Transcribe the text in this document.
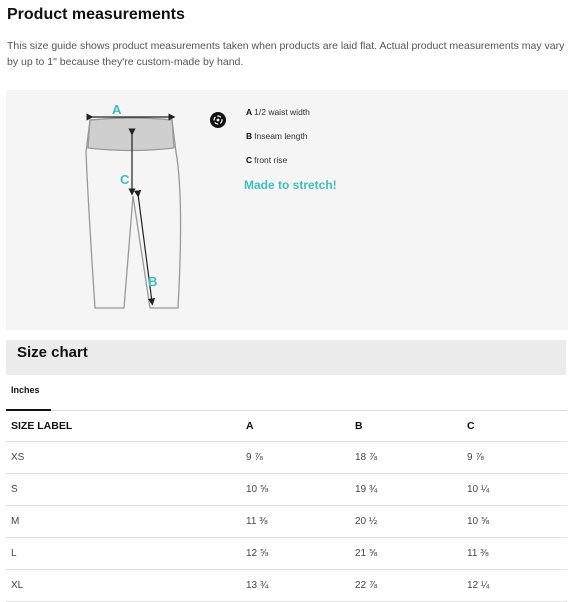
Product measurements

This size guide shows product measurements taken when products are laid flat. Actual product measurements may vary by up to 1" because they're custom-made by hand.

A
C
B
A 1/2 waist width
B Inseam length
C front rise
Made to stretch!
Size chart
Inches
SIZE LABEL	A	B	C
XS	9 ⅞	18 ⅞	9 ⅞
S	10 ⅝	19 ¾	10 ¼
M	11 ⅜	20 ½	10 ⅝
L	12 ⅝	21 ⅝	11 ⅜
XL	13 ¾	22 ⅞	12 ¼
